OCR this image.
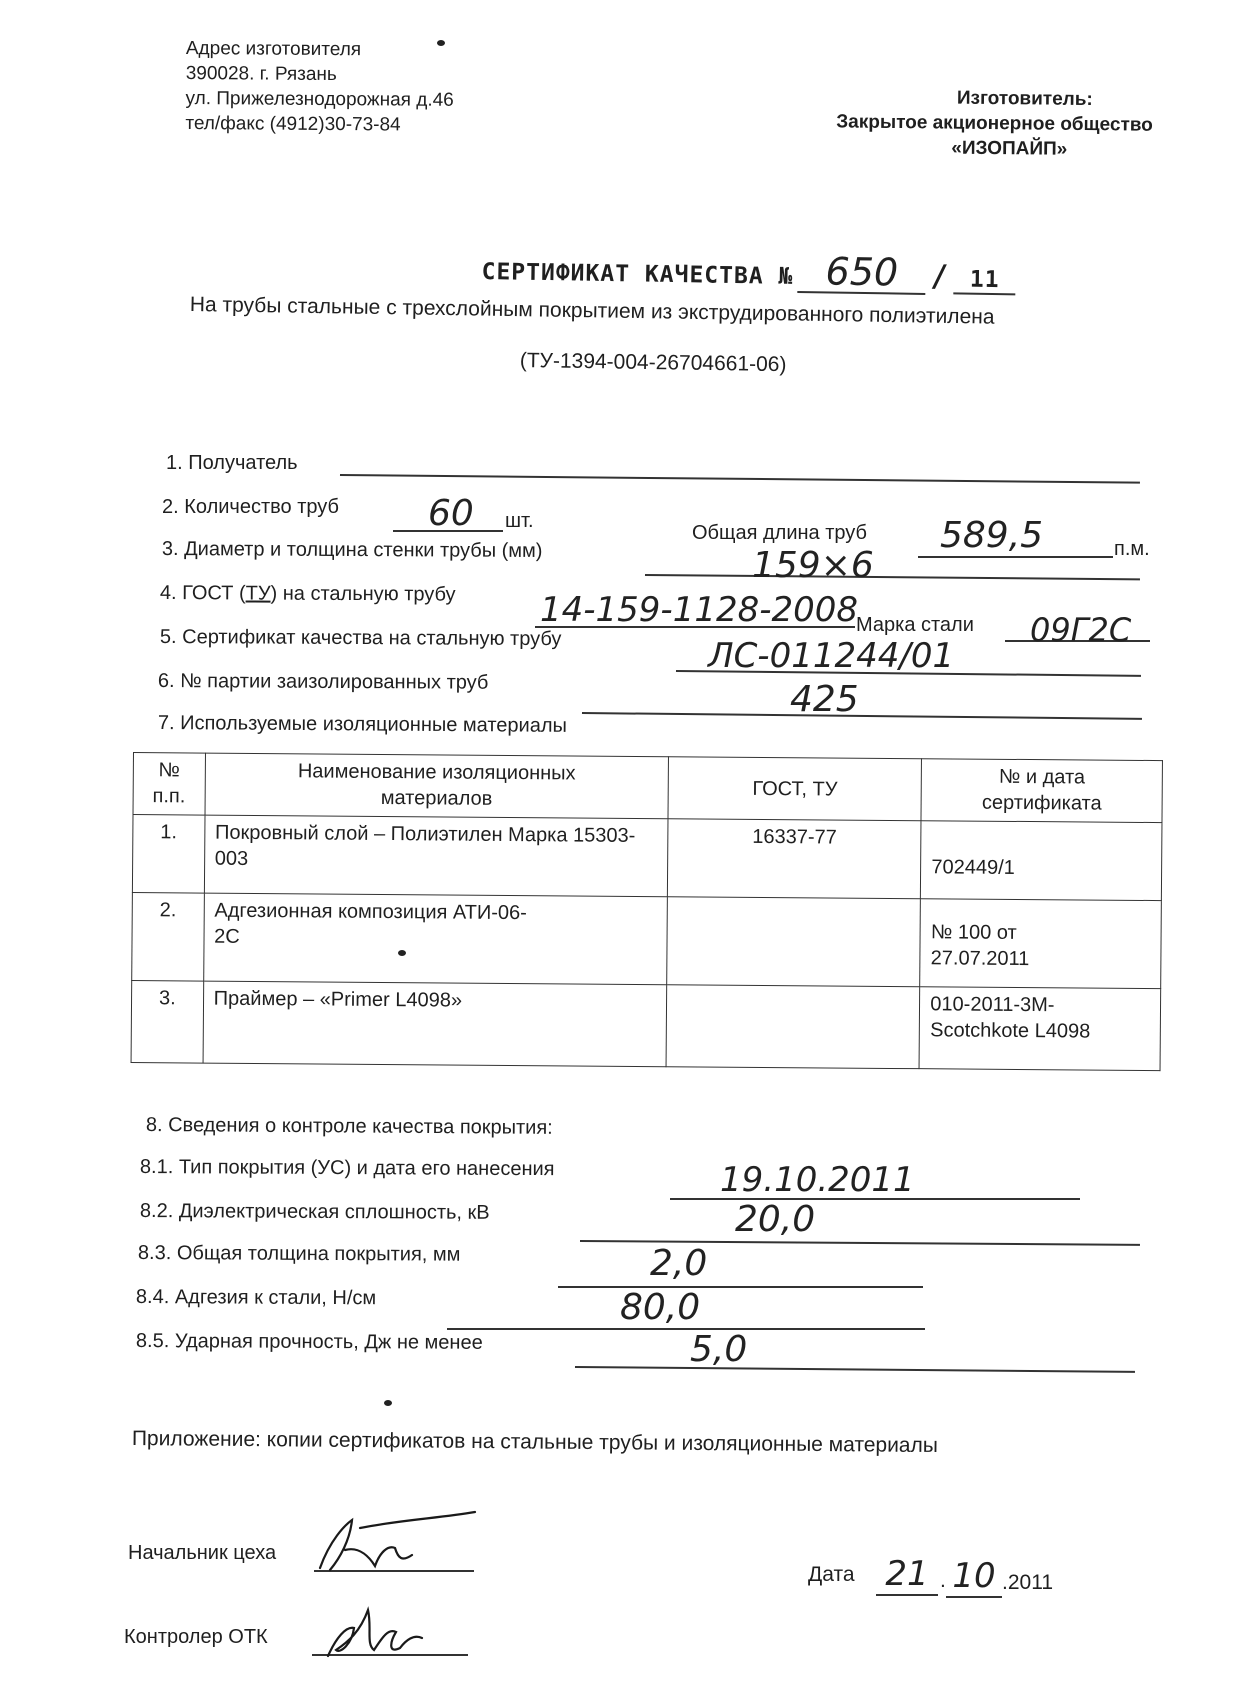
Адрес изготовителя
390028. г. Рязань
ул. Прижелезнодорожная д.46
тел/факс (4912)30-73-84
Изготовитель:
Закрытое акционерное общество
«ИЗОПАЙП»
СЕРТИФИКАТ КАЧЕСТВА № 650 / 11
На трубы стальные с трехслойным покрытием из экструдированного полиэтилена
(ТУ-1394-004-26704661-06)
1. Получатель
2. Количество труб 60 шт.
Общая длина труб 589,5	п.м.
3. Диаметр и толщина стенки трубы (мм)	159×6
4. ГОСТ (ТУ) на стальную трубу 14-159-1128-2008
Марка стали 09Г2С
5. Сертификат качества на стальную трубу	ЛС-011244/01
6. № партии заизолированных труб	425
7. Используемые изоляционные материалы
№ п.п.	Наименование изоляционных материалов	ГОСТ, ТУ	№ и дата сертификата
1.	Покровный слой – Полиэтилен Марка 15303-003	16337-77	702449/1
2.	Адгезионная композиция АТИ-06-2С		№ 100 от 27.07.2011
3.	Праймер – «Primer L4098»		010-2011-3М-Scotchkote L4098
8. Сведения о контроле качества покрытия:
8.1. Тип покрытия (УС) и дата его нанесения	19.10.2011
8.2. Диэлектрическая сплошность, кВ	20,0
8.3. Общая толщина покрытия, мм	2,0
8.4. Адгезия к стали, Н/см	80,0
8.5. Ударная прочность, Дж не менее	5,0
Приложение: копии сертификатов на стальные трубы и изоляционные материалы
Начальник цеха
Контролер ОТК
Дата 21 . 10 .2011
